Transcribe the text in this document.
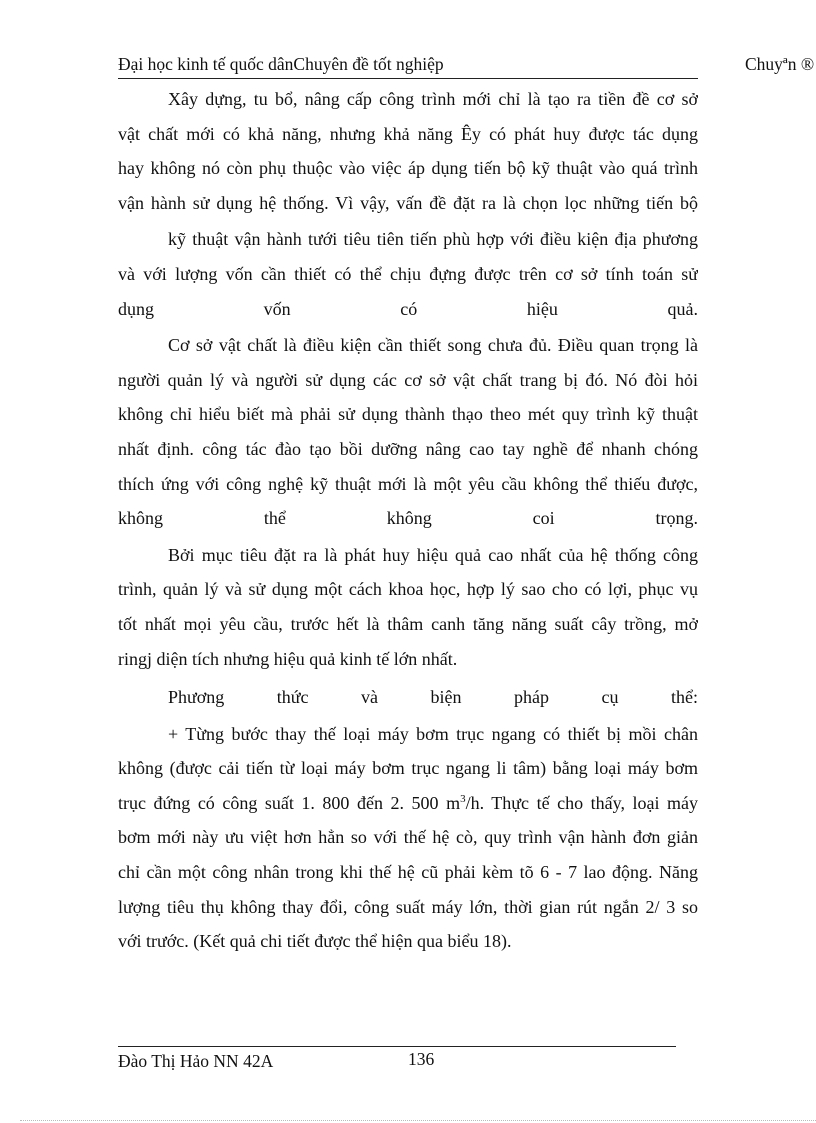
Đại học kinh tế quốc dânChuyên đề tốt nghiệp	Chuyªn ®
Xây dựng, tu bổ, nâng cấp công trình mới chỉ là tạo ra tiền đề cơ sở
vật chất mới có khả năng, nhưng khả năng Êy có phát huy được tác dụng
hay không nó còn phụ thuộc vào việc áp dụng tiến bộ kỹ thuật vào quá trình
vận hành sử dụng hệ thống. Vì vậy, vấn đề đặt ra là chọn lọc những tiến bộ
kỹ thuật vận hành tưới tiêu tiên tiến phù hợp với điều kiện địa phương
và với lượng vốn cần thiết có thể chịu đựng được trên cơ sở tính toán sử
dụng vốn có hiệu quả.
Cơ sở vật chất là điều kiện cần thiết song chưa đủ. Điều quan trọng là
người quản lý và người sử dụng các cơ sở vật chất trang bị đó. Nó đòi hỏi
không chỉ hiểu biết mà phải sử dụng thành thạo theo mét quy trình kỹ thuật
nhất định. công tác đào tạo bồi dưỡng nâng cao tay nghề để nhanh chóng
thích ứng với công nghệ kỹ thuật mới là một yêu cầu không thể thiếu được,
không thể không coi trọng.
Bởi mục tiêu đặt ra là phát huy hiệu quả cao nhất của hệ thống công
trình, quản lý và sử dụng một cách khoa học, hợp lý sao cho có lợi, phục vụ
tốt nhất mọi yêu cầu, trước hết là thâm canh tăng năng suất cây trồng, mở
ringj diện tích nhưng hiệu quả kinh tế lớn nhất.
Phương thức và biện pháp cụ thể:
+ Từng bước thay thế loại máy bơm trục ngang có thiết bị mồi chân
không (được cải tiến từ loại máy bơm trục ngang li tâm) bằng loại máy bơm
trục đứng có công suất 1. 800 đến 2. 500 $m^3/h$. Thực tế cho thấy, loại máy
bơm mới này ưu việt hơn hẳn so với thế hệ cò, quy trình vận hành đơn giản
chỉ cần một công nhân trong khi thế hệ cũ phải kèm tõ 6 - 7 lao động. Năng
lượng tiêu thụ không thay đổi, công suất máy lớn, thời gian rút ngắn 2/ 3 so
với trước. (Kết quả chi tiết được thể hiện qua biểu 18).
Đào Thị Hảo NN 42A	136
